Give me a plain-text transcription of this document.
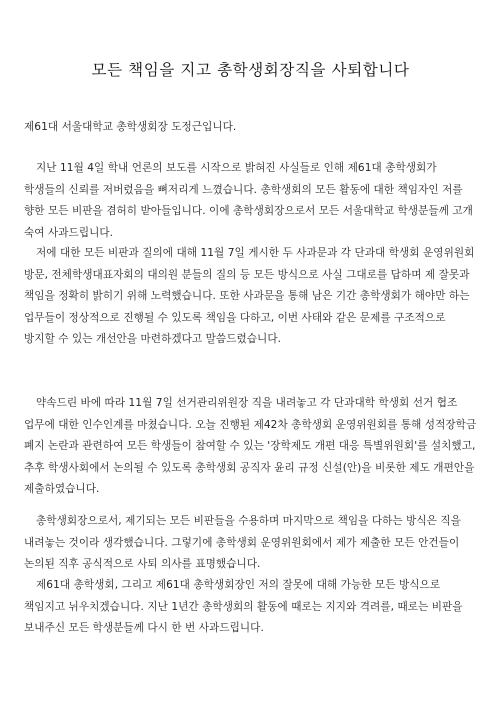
모든 책임을 지고 총학생회장직을 사퇴합니다

제61대 서울대학교 총학생회장 도정근입니다.

지난 11월 4일 학내 언론의 보도를 시작으로 밝혀진 사실들로 인해 제61대 총학생회가 학생들의 신뢰를 저버렸음을 뼈저리게 느꼈습니다. 총학생회의 모든 활동에 대한 책임자인 저를 향한 모든 비판을 겸허히 받아들입니다. 이에 총학생회장으로서 모든 서울대학교 학생분들께 고개 숙여 사과드립니다.

저에 대한 모든 비판과 질의에 대해 11월 7일 게시한 두 사과문과 각 단과대 학생회 운영위원회 방문, 전체학생대표자회의 대의원 분들의 질의 등 모든 방식으로 사실 그대로를 답하며 제 잘못과 책임을 정확히 밝히기 위해 노력했습니다. 또한 사과문을 통해 남은 기간 총학생회가 해야만 하는 업무들이 정상적으로 진행될 수 있도록 책임을 다하고, 이번 사태와 같은 문제를 구조적으로 방지할 수 있는 개선안을 마련하겠다고 말씀드렸습니다.

약속드린 바에 따라 11월 7일 선거관리위원장 직을 내려놓고 각 단과대학 학생회 선거 협조 업무에 대한 인수인계를 마쳤습니다. 오늘 진행된 제42차 총학생회 운영위원회를 통해 성적장학금 폐지 논란과 관련하여 모든 학생들이 참여할 수 있는 '장학제도 개편 대응 특별위원회'를 설치했고, 추후 학생사회에서 논의될 수 있도록 총학생회 공직자 윤리 규정 신설(안)을 비롯한 제도 개편안을 제출하였습니다.

총학생회장으로서, 제기되는 모든 비판들을 수용하며 마지막으로 책임을 다하는 방식은 직을 내려놓는 것이라 생각했습니다. 그렇기에 총학생회 운영위원회에서 제가 제출한 모든 안건들이 논의된 직후 공식적으로 사퇴 의사를 표명했습니다.

제61대 총학생회, 그리고 제61대 총학생회장인 저의 잘못에 대해 가능한 모든 방식으로 책임지고 뉘우치겠습니다. 지난 1년간 총학생회의 활동에 때로는 지지와 격려를, 때로는 비판을 보내주신 모든 학생분들께 다시 한 번 사과드립니다.
